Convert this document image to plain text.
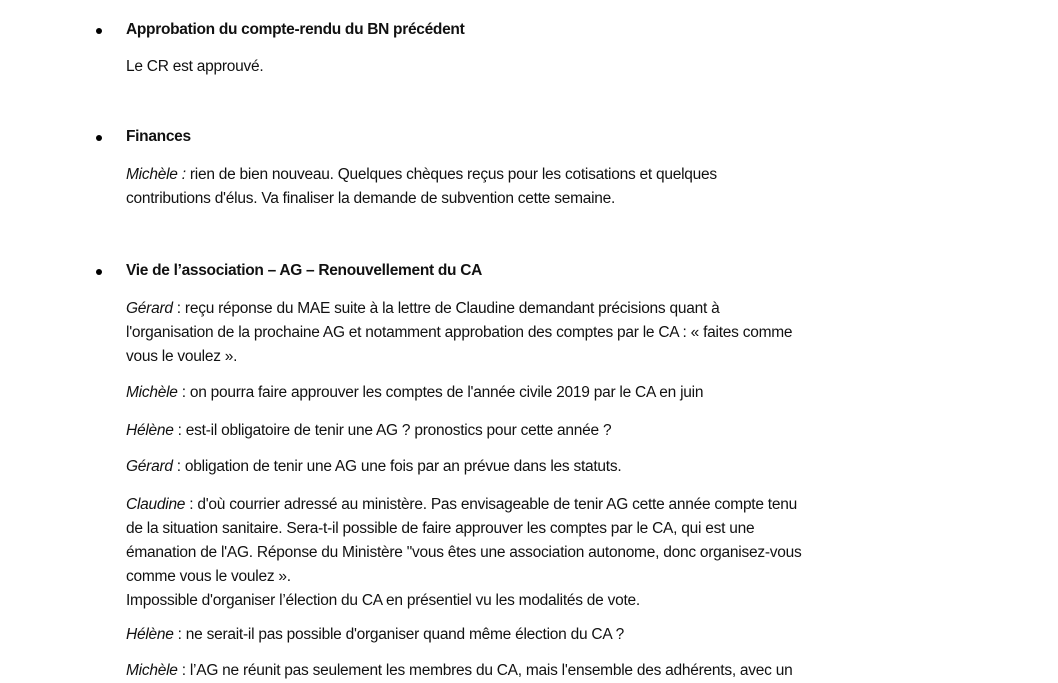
Approbation du compte-rendu du BN précédent
Le CR est approuvé.
Finances
Michèle : rien de bien nouveau. Quelques chèques reçus pour les cotisations et quelques
contributions d'élus. Va finaliser la demande de subvention cette semaine.
Vie de l’association – AG – Renouvellement du CA
Gérard : reçu réponse du MAE suite à la lettre de Claudine demandant précisions quant à
l'organisation de la prochaine AG et notamment approbation des comptes par le CA : « faites comme
vous le voulez ».
Michèle : on pourra faire approuver les comptes de l'année civile 2019 par le CA en juin
Hélène : est-il obligatoire de tenir une AG ? pronostics pour cette année ?
Gérard : obligation de tenir une AG une fois par an prévue dans les statuts.
Claudine : d'où courrier adressé au ministère. Pas envisageable de tenir AG cette année compte tenu
de la situation sanitaire. Sera-t-il possible de faire approuver les comptes par le CA, qui est une
émanation de l'AG. Réponse du Ministère "vous êtes une association autonome, donc organisez-vous
comme vous le voulez ».
Impossible d'organiser l’élection du CA en présentiel vu les modalités de vote.
Hélène : ne serait-il pas possible d'organiser quand même élection du CA ?
Michèle : l’AG ne réunit pas seulement les membres du CA, mais l'ensemble des adhérents, avec un
